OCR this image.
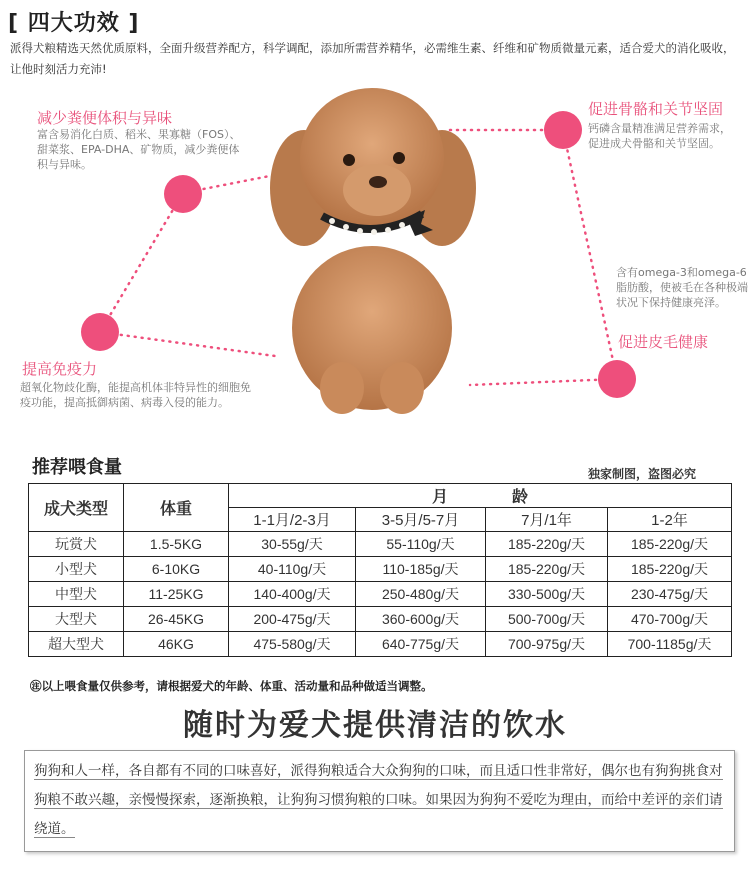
[ 四大功效 ]
派得犬粮精选天然优质原料，全面升级营养配方，科学调配，添加所需营养精华，必需维生素、纤维和矿物质微量元素，适合爱犬的消化吸收，让他时刻活力充沛!
减少粪便体积与异味
富含易消化白质、稻米、果寡糖（FOS）、甜菜浆、EPA-DHA、矿物质，减少粪便体积与异味。
促进骨骼和关节坚固
钙磷含量精准满足营养需求，促进成犬骨骼和关节坚固。
含有omega-3和omega-6脂肪酸，使被毛在各种极端状况下保持健康亮泽。
促进皮毛健康
提高免疫力
超氧化物歧化酶，能提高机体非特异性的细胞免疫功能，提高抵御病菌、病毒入侵的能力。
推荐喂食量	独家制图，盗图必究
成犬类型	体重	月　　　　龄			
		1-1月/2-3月	3-5月/5-7月	7月/1年	1-2年
玩赏犬	1.5-5KG	30-55g/天	55-110g/天	185-220g/天	185-220g/天
小型犬	6-10KG	40-110g/天	110-185g/天	185-220g/天	185-220g/天
中型犬	11-25KG	140-400g/天	250-480g/天	330-500g/天	230-475g/天
大型犬	26-45KG	200-475g/天	360-600g/天	500-700g/天	470-700g/天
超大型犬	46KG	475-580g/天	640-775g/天	700-975g/天	700-1185g/天
㊟以上喂食量仅供参考，请根据爱犬的年龄、体重、活动量和品种做适当调整。
随时为爱犬提供清洁的饮水
狗狗和人一样，各自都有不同的口味喜好，派得狗粮适合大众狗狗的口味，而且适口性非常好，偶尔也有狗狗挑食对狗粮不敢兴趣，亲慢慢探索，逐渐换粮，让狗狗习惯狗粮的口味。如果因为狗狗不爱吃为理由，而给中差评的亲们请绕道。
